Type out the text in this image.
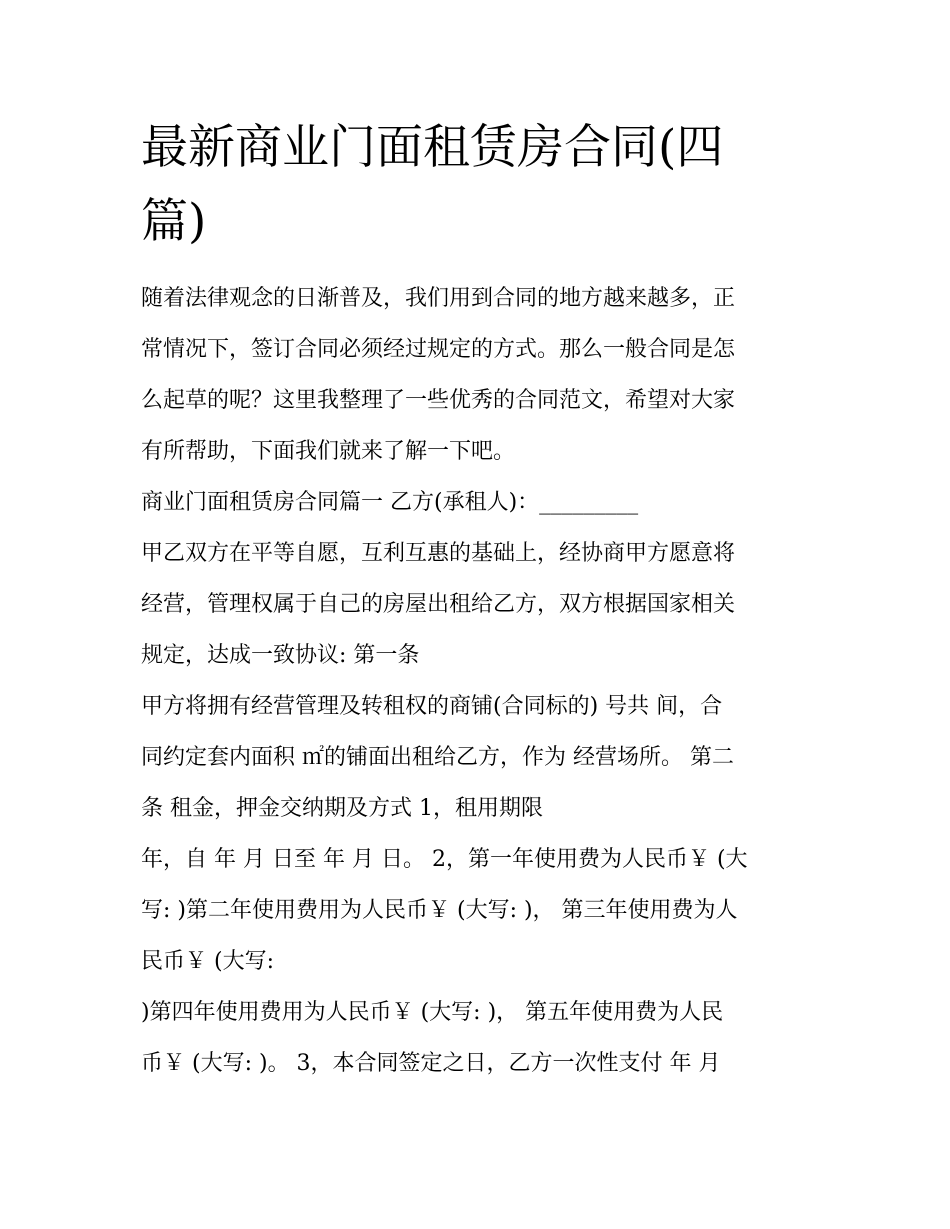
最新商业门面租赁房合同(四
篇)
随着法律观念的日渐普及，我们用到合同的地方越来越多，正
常情况下，签订合同必须经过规定的方式。那么一般合同是怎
么起草的呢？这里我整理了一些优秀的合同范文，希望对大家
有所帮助，下面我们就来了解一下吧。
商业门面租赁房合同篇一 乙方(承租人)：_________
甲乙双方在平等自愿，互利互惠的基础上，经协商甲方愿意将
经营，管理权属于自己的房屋出租给乙方，双方根据国家相关
规定，达成一致协议: 第一条
甲方将拥有经营管理及转租权的商铺(合同标的) 号共 间，合
同约定套内面积 ㎡的铺面出租给乙方，作为 经营场所。 第二
条 租金，押金交纳期及方式 1，租用期限
年，自 年 月 日至 年 月 日。 2，第一年使用费为人民币￥ (大
写: )第二年使用费用为人民币￥ (大写: )， 第三年使用费为人
民币￥ (大写:
)第四年使用费用为人民币￥ (大写: )， 第五年使用费为人民
币￥ (大写: )。 3，本合同签定之日，乙方一次性支付 年 月
